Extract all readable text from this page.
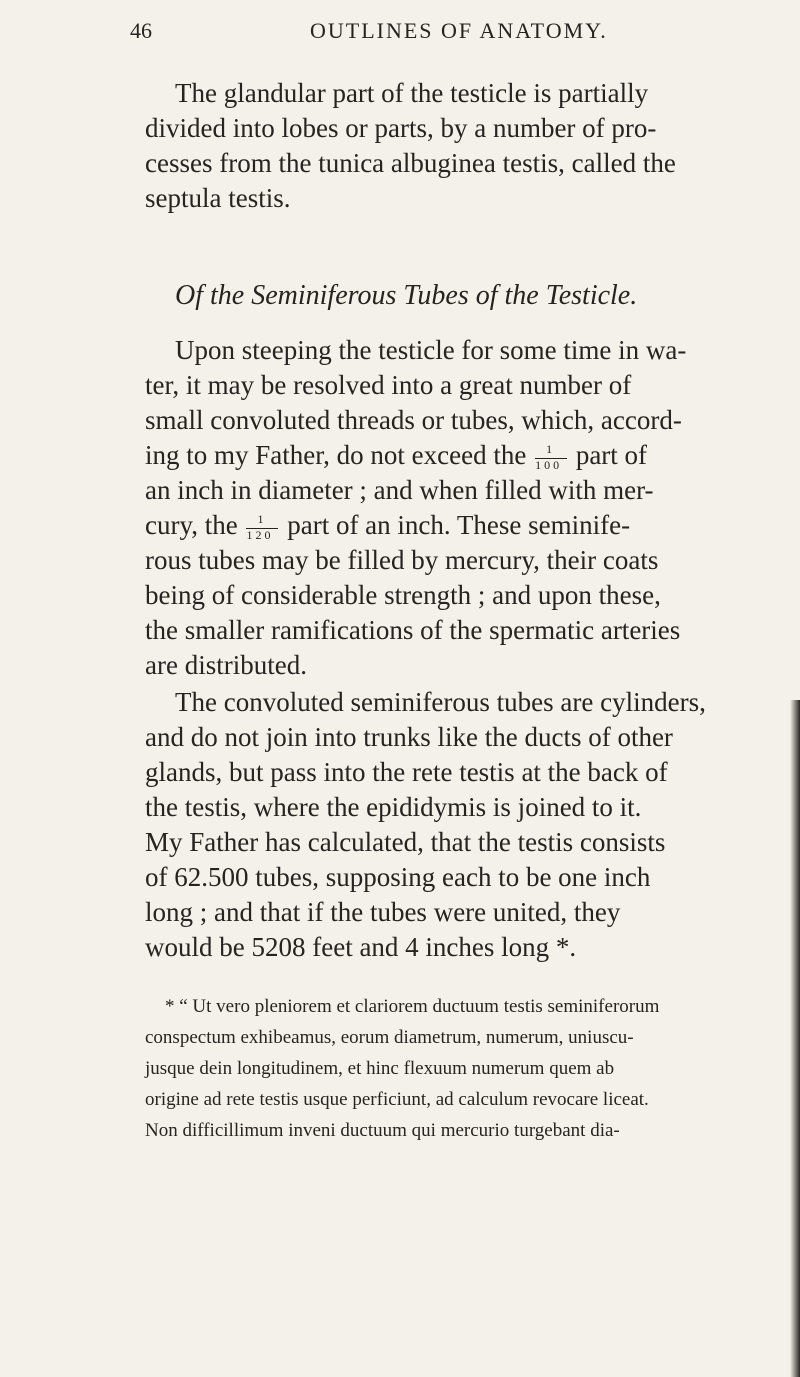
46	OUTLINES OF ANATOMY.
The glandular part of the testicle is partially
divided into lobes or parts, by a number of pro-
cesses from the tunica albuginea testis, called the
septula testis.
Of the Seminiferous Tubes of the Testicle.
Upon steeping the testicle for some time in wa-
ter, it may be resolved into a great number of
small convoluted threads or tubes, which, accord-
ing to my Father, do not exceed the $\frac{1}{100}$ part of
an inch in diameter ; and when filled with mer-
cury, the $\frac{1}{120}$ part of an inch. These seminife-
rous tubes may be filled by mercury, their coats
being of considerable strength ; and upon these,
the smaller ramifications of the spermatic arteries
are distributed.
The convoluted seminiferous tubes are cylinders,
and do not join into trunks like the ducts of other
glands, but pass into the rete testis at the back of
the testis, where the epididymis is joined to it.
My Father has calculated, that the testis consists
of 62.500 tubes, supposing each to be one inch
long ; and that if the tubes were united, they
would be 5208 feet and 4 inches long *.
* “ Ut vero pleniorem et clariorem ductuum testis seminiferorum
conspectum exhibeamus, eorum diametrum, numerum, uniuscu-
jusque dein longitudinem, et hinc flexuum numerum quem ab
origine ad rete testis usque perficiunt, ad calculum revocare liceat.
Non difficillimum inveni ductuum qui mercurio turgebant dia-
